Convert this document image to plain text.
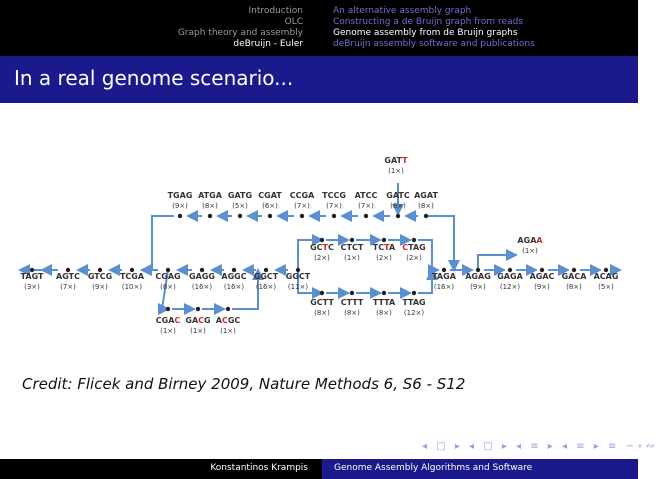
Introduction
OLC
Graph theory and assembly
deBruijn - Euler
An alternative assembly graph
Constructing a de Bruijn graph from reads
Genome assembly from de Bruijn graphs
deBruijn assembly software and publications
In a real genome scenario...
TAGT
(3×)
AGTC
(7×)
GTCG
(9×)
TCGA
(10×)
CGAG
(8×)
GAGG
(16×)
AGGC
(16×)
GGCT
(16×)
GGCT
(11×)
TGAG
(9×)
ATGA
(8×)
GATG
(5×)
CGAT
(6×)
CCGA
(7×)
TCCG
(7×)
ATCC
(7×)
GATC
(8×)
AGAT
(8×)
GATT
(1×)
GCTC
(2×)
CTCT
(1×)
TCTA
(2×)
CTAG
(2×)
GCTT
(8×)
CTTT
(8×)
TTTA
(8×)
TTAG
(12×)
TAGA
(16×)
AGAG
(9×)
GAGA
(12×)
AGAC
(9×)
GACA
(8×)
ACAG
(5×)
AGAA
(1×)
CGAC
(1×)
GACG
(1×)
ACGC
(1×)
Credit: Flicek and Birney 2009, Nature Methods 6, S6 - S12
◂ □ ▸ ◂ □ ▸ ◂ ≡ ▸ ◂ ≡ ▸ ≡ ∽∘∾
Konstantinos Krampis	Genome Assembly Algorithms and Software
